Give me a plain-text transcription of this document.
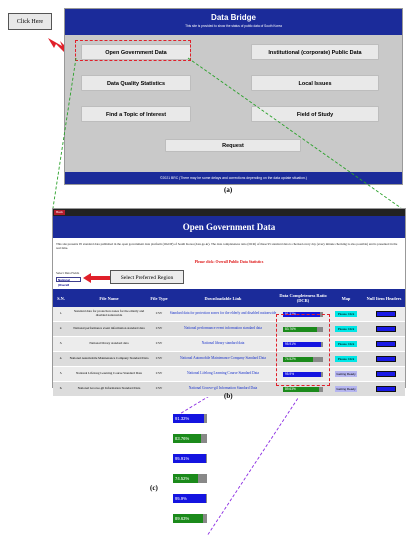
Click Here	Data Bridge
This site is provided to show the status of public data of South Korea
Open Government Data	Institutional (corporate) Public Data
Data Quality Statistics	Local Issues
Find a Topic of Interest	Field of Study
Request
©2021 BRC (There may be some delays and corrections depending on the data update situation.)
(a)
Back
Open Government Data
This site presents 95 standard data published in the open government data platform (OGDP) of South Korea (data.go.kr). The data completeness ratio (DCR) of these 95 standard data is checked every day (every minute checking is also possible) and is presented in the real time.
Please click: Overall Public Data Statistics
Select Data Fields
National (Overa▾
S.N.	File Name	File Type	Downloadable Link	Data Completeness Ratio (DCR)	Map	Null Item Headers
1.	Standard data for protection zones for the elderly and disabled nationwide	CSV	Standard data for protection zones for the elderly and disabled nationwide	91.32%	Please Click
2.	National performance event information standard data	CSV	National performance event information standard data	83.76%	Please Click
3.	National library standard data	CSV	National library standard data	95.91%	Please Click
4.	National Automobile Maintenance Company Standard Data	CSV	National Automobile Maintenance Company Standard Data	74.52%	Please Click
5.	National Lifelong Learning Course Standard Data	CSV	National Lifelong Learning Course Standard Data	95.9%	Getting Ready
6.	National Groove-gil Information Standard Data	CSV	National Groove-gil Information Standard Data	89.63%	Getting Ready
Select Preferred Region
(b)
91.32%
83.76%
95.91%
74.52%
95.9%
89.63%
(c)
